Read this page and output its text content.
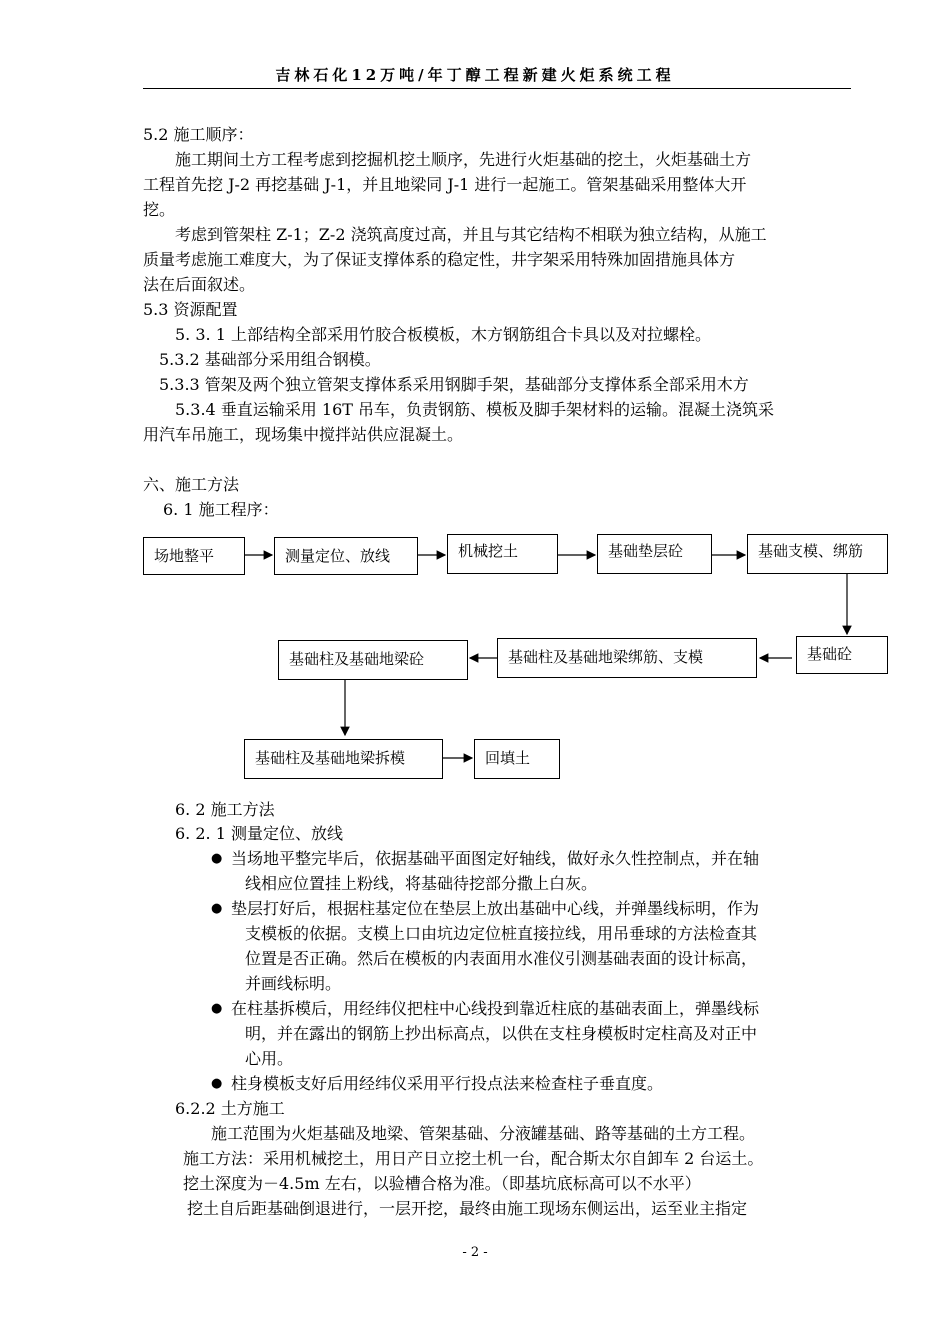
吉林石化12万吨/年丁醇工程新建火炬系统工程
5.2 施工顺序：
施工期间土方工程考虑到挖掘机挖土顺序，先进行火炬基础的挖土，火炬基础土方
工程首先挖 J-2 再挖基础 J-1，并且地梁同 J-1 进行一起施工。管架基础采用整体大开
挖。
考虑到管架柱 Z-1；Z-2 浇筑高度过高，并且与其它结构不相联为独立结构，从施工
质量考虑施工难度大，为了保证支撑体系的稳定性，井字架采用特殊加固措施具体方
法在后面叙述。
5.3 资源配置
5. 3. 1 上部结构全部采用竹胶合板模板，木方钢筋组合卡具以及对拉螺栓。
5.3.2 基础部分采用组合钢模。
5.3.3 管架及两个独立管架支撑体系采用钢脚手架，基础部分支撑体系全部采用木方
5.3.4 垂直运输采用 16T 吊车，负责钢筋、模板及脚手架材料的运输。混凝土浇筑采
用汽车吊施工，现场集中搅拌站供应混凝土。
六、施工方法
6. 1 施工程序：
场地整平	测量定位、放线	机械挖土	基础垫层砼	基础支模、绑筋
基础砼
基础柱及基础地梁绑筋、支模
基础柱及基础地梁砼
基础柱及基础地梁拆模	回填土
6. 2 施工方法
6. 2. 1 测量定位、放线
● 当场地平整完毕后，依据基础平面图定好轴线，做好永久性控制点，并在轴
线相应位置挂上粉线，将基础待挖部分撒上白灰。
● 垫层打好后，根据柱基定位在垫层上放出基础中心线，并弹墨线标明，作为
支模板的依据。支模上口由坑边定位桩直接拉线，用吊垂球的方法检查其
位置是否正确。然后在模板的内表面用水准仪引测基础表面的设计标高，
并画线标明。
● 在柱基拆模后，用经纬仪把柱中心线投到靠近柱底的基础表面上，弹墨线标
明，并在露出的钢筋上抄出标高点，以供在支柱身模板时定柱高及对正中
心用。
● 柱身模板支好后用经纬仪采用平行投点法来检查柱子垂直度。
6.2.2 土方施工
施工范围为火炬基础及地梁、管架基础、分液罐基础、路等基础的土方工程。
施工方法：采用机械挖土，用日产日立挖土机一台，配合斯太尔自卸车 2 台运土。
挖土深度为－4.5m 左右，以验槽合格为准。（即基坑底标高可以不水平）
挖土自后距基础倒退进行，一层开挖，最终由施工现场东侧运出，运至业主指定
- 2 -
